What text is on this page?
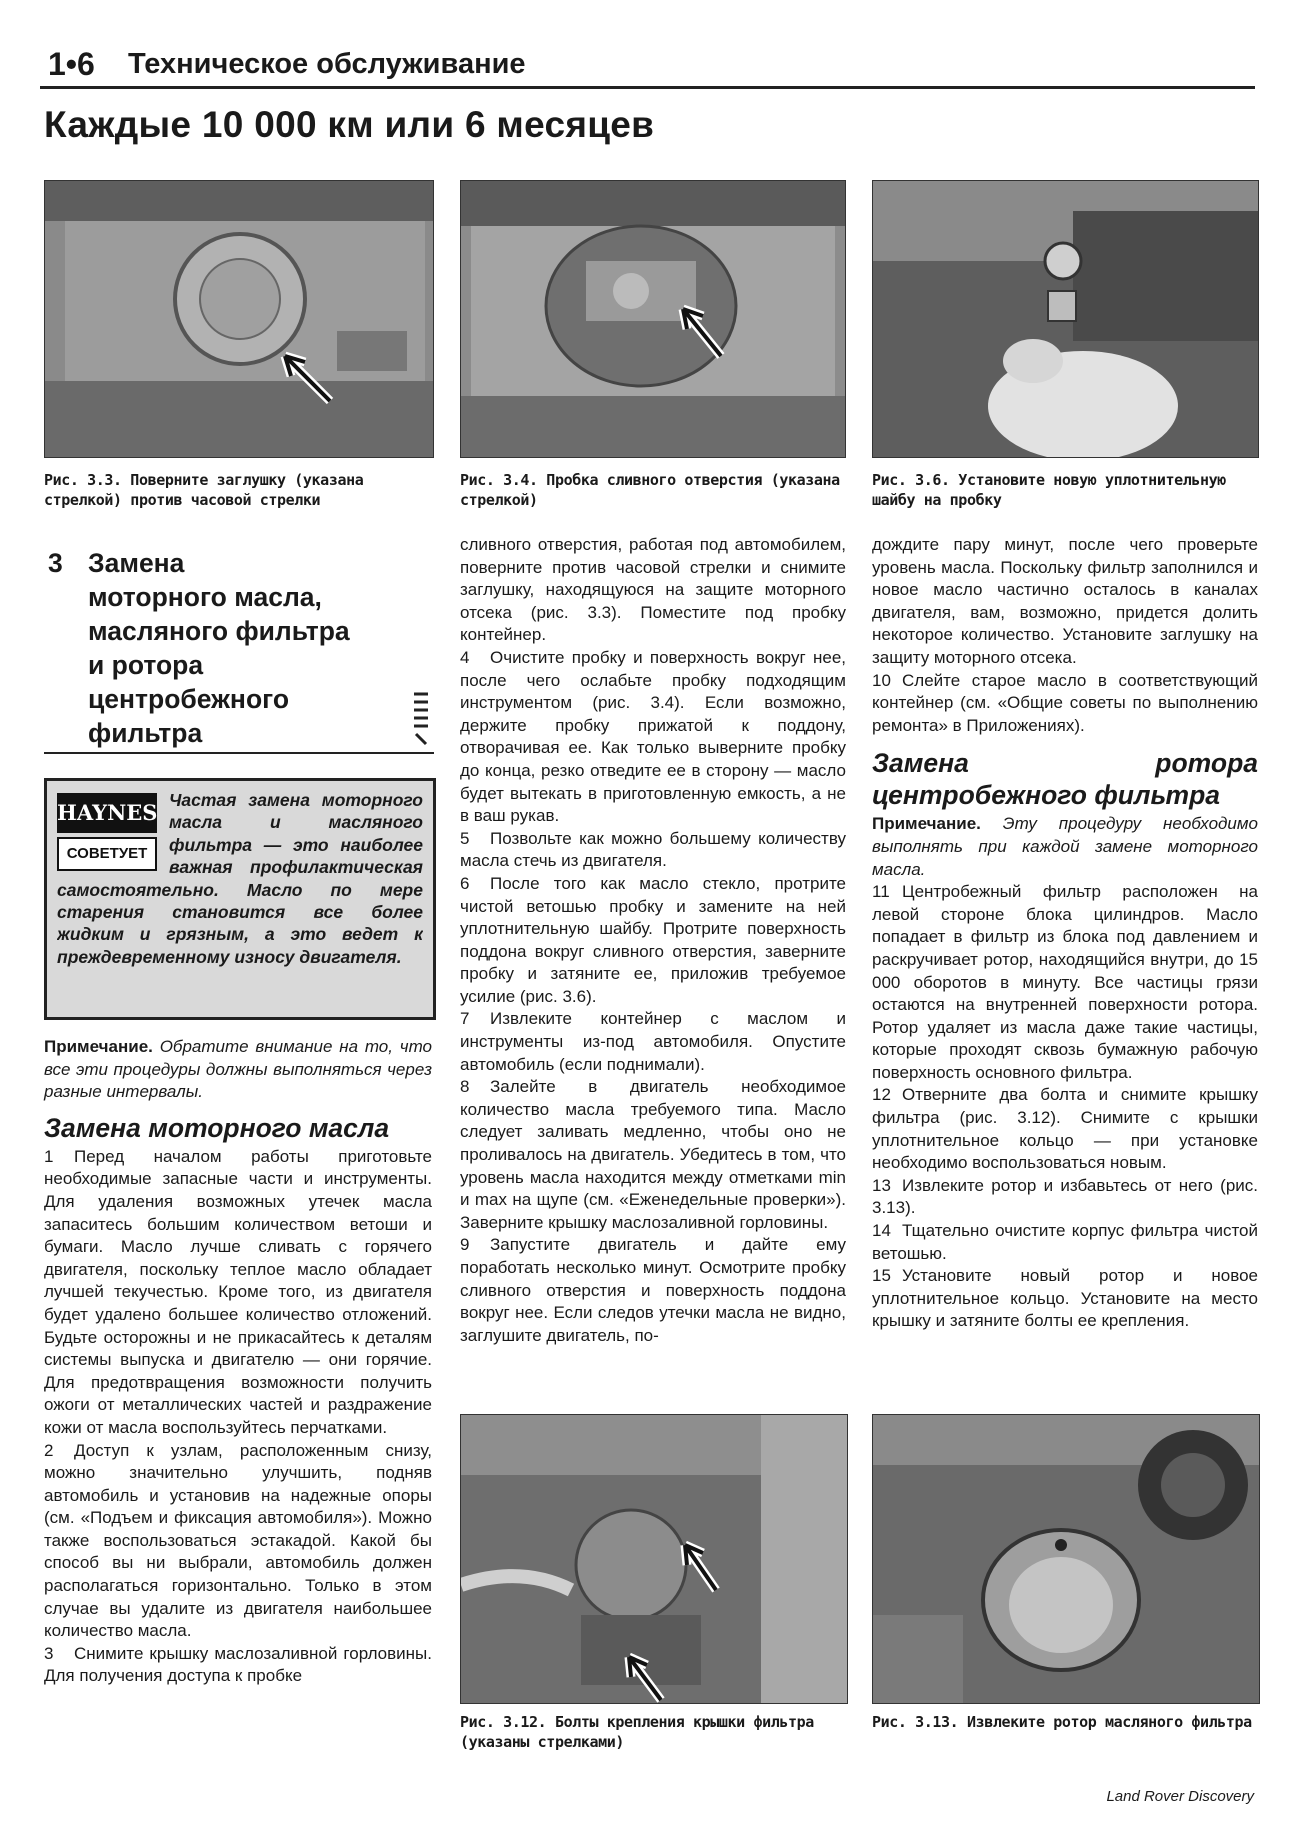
1•6 Техническое обслуживание
Каждые 10 000 км или 6 месяцев
Рис. 3.3. Поверните заглушку (указана стрелкой) против часовой стрелки
Рис. 3.4. Пробка сливного отверстия (указана стрелкой)
Рис. 3.6. Установите новую уплотнительную шайбу на пробку
3 Замена
моторного масла,
масляного фильтра
и ротора
центробежного
фильтра
HAYNES
СОВЕТУЕТ
Частая замена моторного масла и масляного фильтра — это наиболее важная профилактическая
самостоятельно. Масло по мере старения становится все более жидким и грязным, а это ведет к преждевременному износу двигателя.

Примечание. Обратите внимание на то, что все эти процедуры должны выполняться через разные интервалы.

Замена моторного масла

1 Перед началом работы приготовьте необходимые запасные части и инструменты. Для удаления возможных утечек масла запаситесь большим количеством ветоши и бумаги. Масло лучше сливать с горячего двигателя, поскольку теплое масло обладает лучшей текучестью. Кроме того, из двигателя будет удалено большее количество отложений. Будьте осторожны и не прикасайтесь к деталям системы выпуска и двигателю — они горячие. Для предотвращения возможности получить ожоги от металлических частей и раздражение кожи от масла воспользуйтесь перчатками.

2 Доступ к узлам, расположенным снизу, можно значительно улучшить, подняв автомобиль и установив на надежные опоры (см. «Подъем и фиксация автомобиля»). Можно также воспользоваться эстакадой. Какой бы способ вы ни выбрали, автомобиль должен располагаться горизонтально. Только в этом случае вы удалите из двигателя наибольшее количество масла.

3 Снимите крышку маслозаливной горловины. Для получения доступа к пробке

сливного отверстия, работая под автомобилем, поверните против часовой стрелки и снимите заглушку, находящуюся на защите моторного отсека (рис. 3.3). Поместите под пробку контейнер.

4 Очистите пробку и поверхность вокруг нее, после чего ослабьте пробку подходящим инструментом (рис. 3.4). Если возможно, держите пробку прижатой к поддону, отворачивая ее. Как только выверните пробку до конца, резко отведите ее в сторону — масло будет вытекать в приготовленную емкость, а не в ваш рукав.

5 Позвольте как можно большему количеству масла стечь из двигателя.

6 После того как масло стекло, протрите чистой ветошью пробку и замените на ней уплотнительную шайбу. Протрите поверхность поддона вокруг сливного отверстия, заверните пробку и затяните ее, приложив требуемое усилие (рис. 3.6).

7 Извлеките контейнер с маслом и инструменты из-под автомобиля. Опустите автомобиль (если поднимали).

8 Залейте в двигатель необходимое количество масла требуемого типа. Масло следует заливать медленно, чтобы оно не проливалось на двигатель. Убедитесь в том, что уровень масла находится между отметками min и max на щупе (см. «Еженедельные проверки»). Заверните крышку маслозаливной горловины.

9 Запустите двигатель и дайте ему поработать несколько минут. Осмотрите пробку сливного отверстия и поверхность поддона вокруг нее. Если следов утечки масла не видно, заглушите двигатель, по-

дождите пару минут, после чего проверьте уровень масла. Поскольку фильтр заполнился и новое масло частично осталось в каналах двигателя, вам, возможно, придется долить некоторое количество. Установите заглушку на защиту моторного отсека.

10 Слейте старое масло в соответствующий контейнер (см. «Общие советы по выполнению ремонта» в Приложениях).

Замена ротора центробежного фильтра

Примечание. Эту процедуру необходимо выполнять при каждой замене моторного масла.

11 Центробежный фильтр расположен на левой стороне блока цилиндров. Масло попадает в фильтр из блока под давлением и раскручивает ротор, находящийся внутри, до 15 000 оборотов в минуту. Все частицы грязи остаются на внутренней поверхности ротора. Ротор удаляет из масла даже такие частицы, которые проходят сквозь бумажную рабочую поверхность основного фильтра.

12 Отверните два болта и снимите крышку фильтра (рис. 3.12). Снимите с крышки уплотнительное кольцо — при установке необходимо воспользоваться новым.

13 Извлеките ротор и избавьтесь от него (рис. 3.13).

14 Тщательно очистите корпус фильтра чистой ветошью.

15 Установите новый ротор и новое уплотнительное кольцо. Установите на место крышку и затяните болты ее крепления.

Рис. 3.12. Болты крепления крышки фильтра (указаны стрелками)
Рис. 3.13. Извлеките ротор масляного фильтра
Land Rover Discovery
